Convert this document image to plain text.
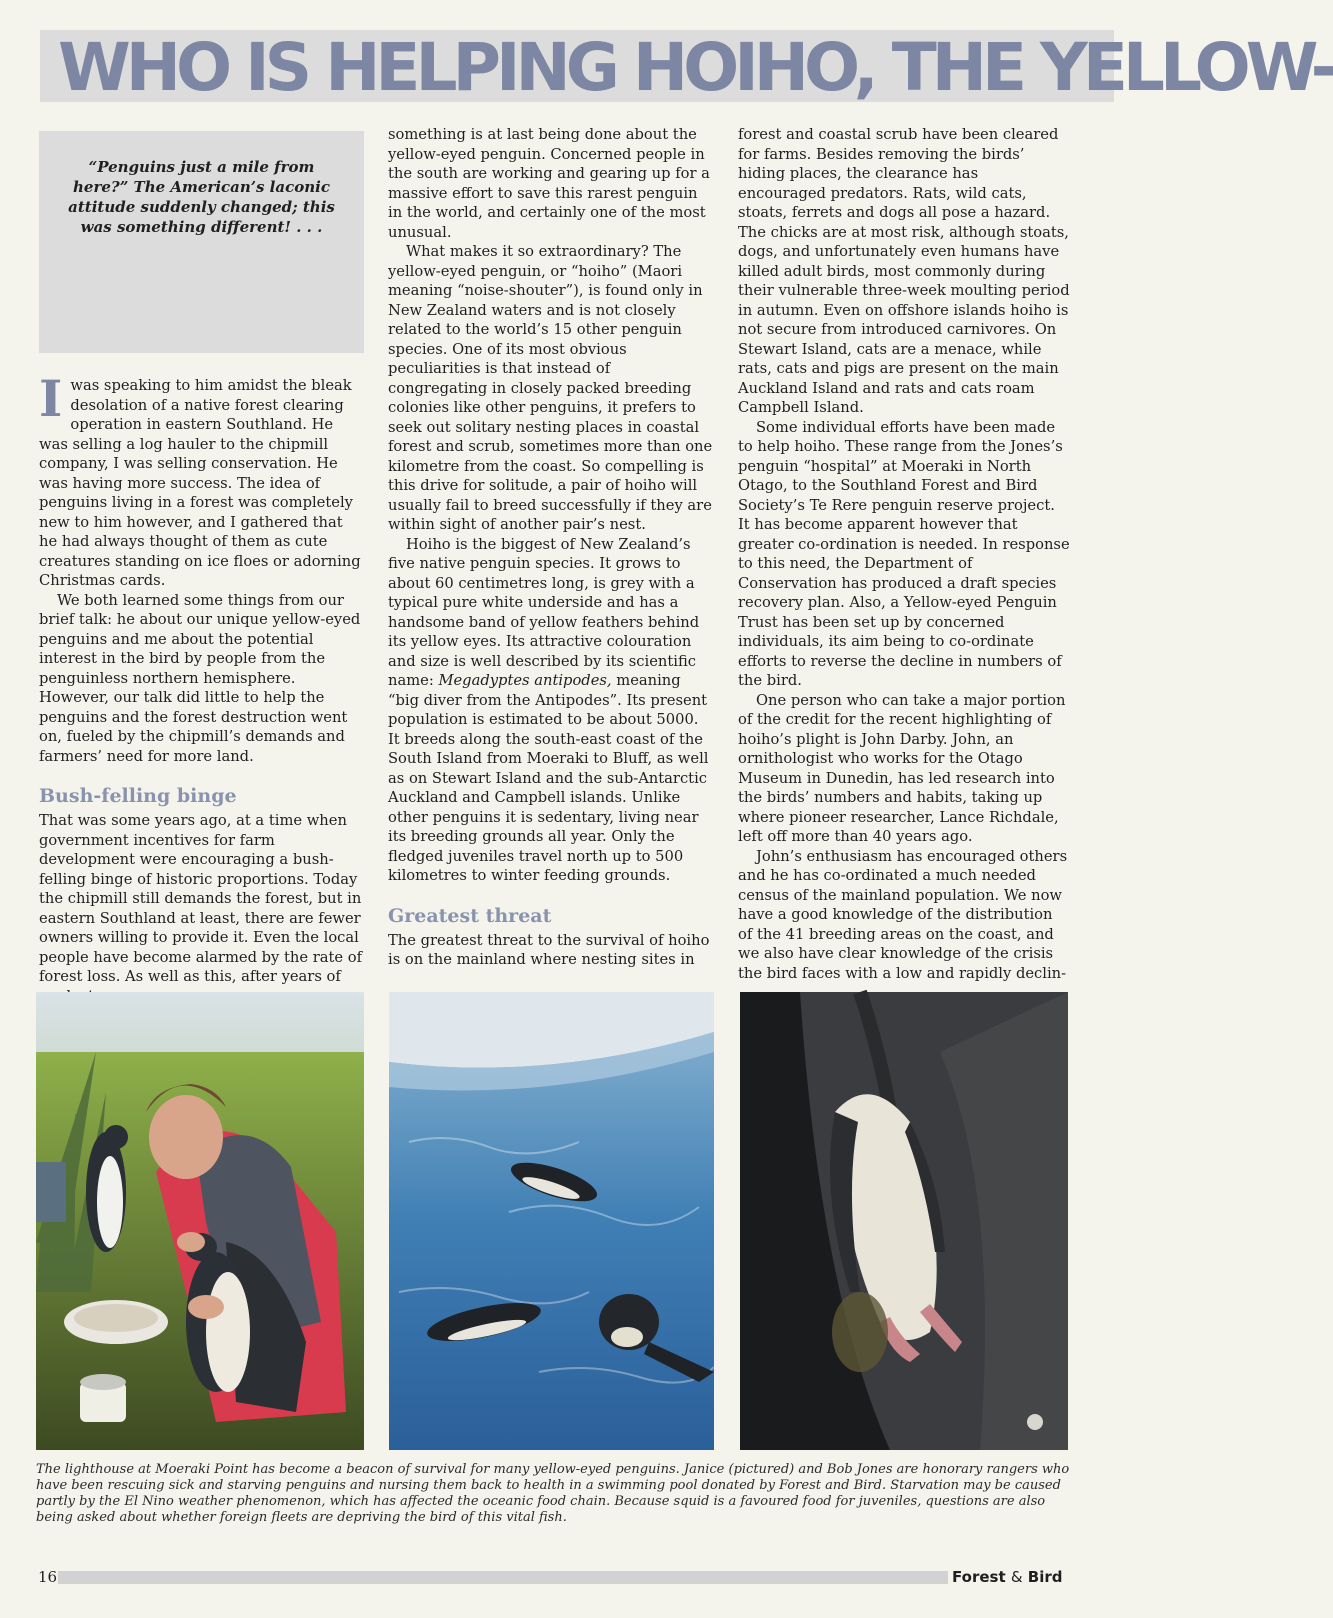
WHO IS HELPING HOIHO, THE YELLOW-

“Penguins just a mile from here?” The American’s laconic attitude suddenly changed; this was something different! . . .

Iwas speaking to him amidst the bleak desolation of a native forest clearing operation in eastern Southland. He was selling a log hauler to the chipmill company, I was selling conservation. He was having more success. The idea of penguins living in a forest was completely new to him however, and I gathered that he had always thought of them as cute creatures standing on ice floes or adorning Christmas cards.

We both learned some things from our brief talk: he about our unique yellow-eyed penguins and me about the potential interest in the bird by people from the penguinless northern hemisphere. However, our talk did little to help the penguins and the forest destruction went on, fueled by the chipmill’s demands and farmers’ need for more land.

Bush-felling binge

That was some years ago, at a time when government incentives for farm development were encouraging a bush-felling binge of historic proportions. Today the chipmill still demands the forest, but in eastern Southland at least, there are fewer owners willing to provide it. Even the local people have become alarmed by the rate of forest loss. As well as this, after years of

something is at last being done about the yellow-eyed penguin. Concerned people in the south are working and gearing up for a massive effort to save this rarest penguin in the world, and certainly one of the most unusual.

What makes it so extraordinary? The yellow-eyed penguin, or “hoiho” (Maori meaning “noise-shouter”), is found only in New Zealand waters and is not closely related to the world’s 15 other penguin species. One of its most obvious peculiarities is that instead of congregating in closely packed breeding colonies like other penguins, it prefers to seek out solitary nesting places in coastal forest and scrub, sometimes more than one kilometre from the coast. So compelling is this drive for solitude, a pair of hoiho will usually fail to breed successfully if they are within sight of another pair’s nest.

Hoiho is the biggest of New Zealand’s five native penguin species. It grows to about 60 centimetres long, is grey with a typical pure white underside and has a handsome band of yellow feathers behind its yellow eyes. Its attractive colouration and size is well described by its scientific name: Megadyptes antipodes, meaning “big diver from the Antipodes”. Its present population is estimated to be about 5000. It breeds along the south-east coast of the South Island from Moeraki to Bluff, as well as on Stewart Island and the sub-Antarctic Auckland and Campbell islands. Unlike other penguins it is sedentary, living near its breeding grounds all year. Only the fledged juveniles travel north up to 500 kilometres to winter feeding grounds.

Greatest threat

The greatest threat to the survival of hoiho is on the mainland where nesting sites in

forest and coastal scrub have been cleared for farms. Besides removing the birds’ hiding places, the clearance has encouraged predators. Rats, wild cats, stoats, ferrets and dogs all pose a hazard. The chicks are at most risk, although stoats, dogs, and unfortunately even humans have killed adult birds, most commonly during their vulnerable three-week moulting period in autumn. Even on offshore islands hoiho is not secure from introduced carnivores. On Stewart Island, cats are a menace, while rats, cats and pigs are present on the main Auckland Island and rats and cats roam Campbell Island.

Some individual efforts have been made to help hoiho. These range from the Jones’s penguin “hospital” at Moeraki in North Otago, to the Southland Forest and Bird Society’s Te Rere penguin reserve project. It has become apparent however that greater co-ordination is needed. In response to this need, the Department of Conservation has produced a draft species recovery plan. Also, a Yellow-eyed Penguin Trust has been set up by concerned individuals, its aim being to co-ordinate efforts to reverse the decline in numbers of the bird.

One person who can take a major portion of the credit for the recent highlighting of hoiho’s plight is John Darby. John, an ornithologist who works for the Otago Museum in Dunedin, has led research into the birds’ numbers and habits, taking up where pioneer researcher, Lance Richdale, left off more than 40 years ago.

John’s enthusiasm has encouraged others and he has co-ordinated a much needed census of the mainland population. We now have a good knowledge of the distribution of the 41 breeding areas on the coast, and we also have clear knowledge of the crisis the bird faces with a low and rapidly declin-

The lighthouse at Moeraki Point has become a beacon of survival for many yellow-eyed penguins. Janice (pictured) and Bob Jones are honorary rangers who have been rescuing sick and starving penguins and nursing them back to health in a swimming pool donated by Forest and Bird. Starvation may be caused partly by the El Nino weather phenomenon, which has affected the oceanic food chain. Because squid is a favoured food for juveniles, questions are also being asked about whether foreign fleets are depriving the bird of this vital fish.

16	Forest & Bird
